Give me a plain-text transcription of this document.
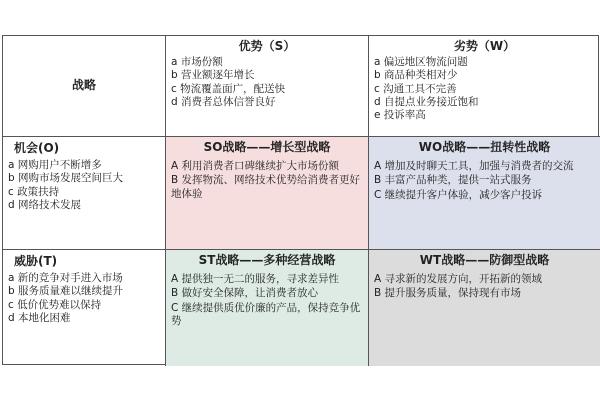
战略
优势（S）
a 市场份额
b 营业额逐年增长
c 物流覆盖面广，配送快
d 消费者总体信誉良好
劣势（W）
a 偏远地区物流问题
b 商品种类相对少
c 沟通工具不完善
d 自提点业务接近饱和
e 投诉率高
机会(O)
a 网购用户不断增多
b 网购市场发展空间巨大
c 政策扶持
d 网络技术发展
SO战略——增长型战略
A 利用消费者口碑继续扩大市场份额
B 发挥物流、网络技术优势给消费者更好地体验
WO战略——扭转性战略
A 增加及时聊天工具，加强与消费者的交流
B 丰富产品种类，提供一站式服务
C 继续提升客户体验，减少客户投诉
威胁(T)
a 新的竞争对手进入市场
b 服务质量难以继续提升
c 低价优势难以保持
d 本地化困难
ST战略——多种经营战略
A 提供独一无二的服务，寻求差异性
B 做好安全保障，让消费者放心
C 继续提供质优价廉的产品，保持竞争优势
WT战略——防御型战略
A 寻求新的发展方向，开拓新的领域
B 提升服务质量，保持现有市场
